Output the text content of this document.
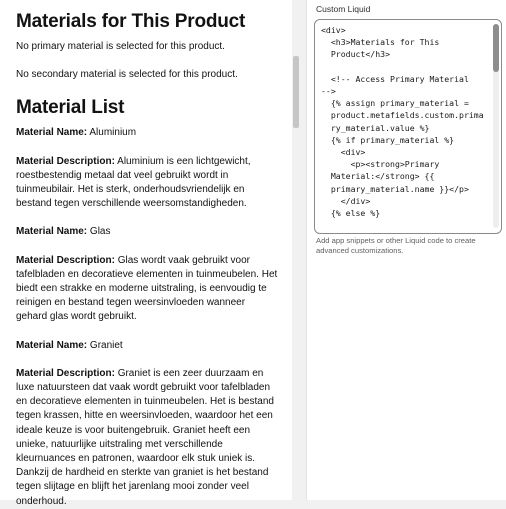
Materials for This Product

No primary material is selected for this product.

No secondary material is selected for this product.

Material List

Material Name: Aluminium

Material Description: Aluminium is een lichtgewicht, roestbestendig metaal dat veel gebruikt wordt in tuinmeubilair. Het is sterk, onderhoudsvriendelijk en bestand tegen verschillende weersomstandigheden.

Material Name: Glas

Material Description: Glas wordt vaak gebruikt voor tafelbladen en decoratieve elementen in tuinmeubelen. Het biedt een strakke en moderne uitstraling, is eenvoudig te reinigen en bestand tegen weersinvloeden wanneer gehard glas wordt gebruikt.

Material Name: Graniet

Material Description: Graniet is een zeer duurzaam en luxe natuursteen dat vaak wordt gebruikt voor tafelbladen en decoratieve elementen in tuinmeubelen. Het is bestand tegen krassen, hitte en weersinvloeden, waardoor het een ideale keuze is voor buitengebruik. Graniet heeft een unieke, natuurlijke uitstraling met verschillende kleurnuances en patronen, waardoor elk stuk uniek is. Dankzij de hardheid en sterkte van graniet is het bestand tegen slijtage en blijft het jarenlang mooi zonder veel onderhoud.

Custom Liquid
<div>
<h3>Materials for This
Product</h3>

<!-- Access Primary Material
-->
{% assign primary_material =
product.metafields.custom.prima
ry_material.value %}
{% if primary_material %}
<div>
<p><strong>Primary
Material:</strong> {{
primary_material.name }}</p>
</div>
{% else %}
Add app snippets or other Liquid code to create advanced customizations.
